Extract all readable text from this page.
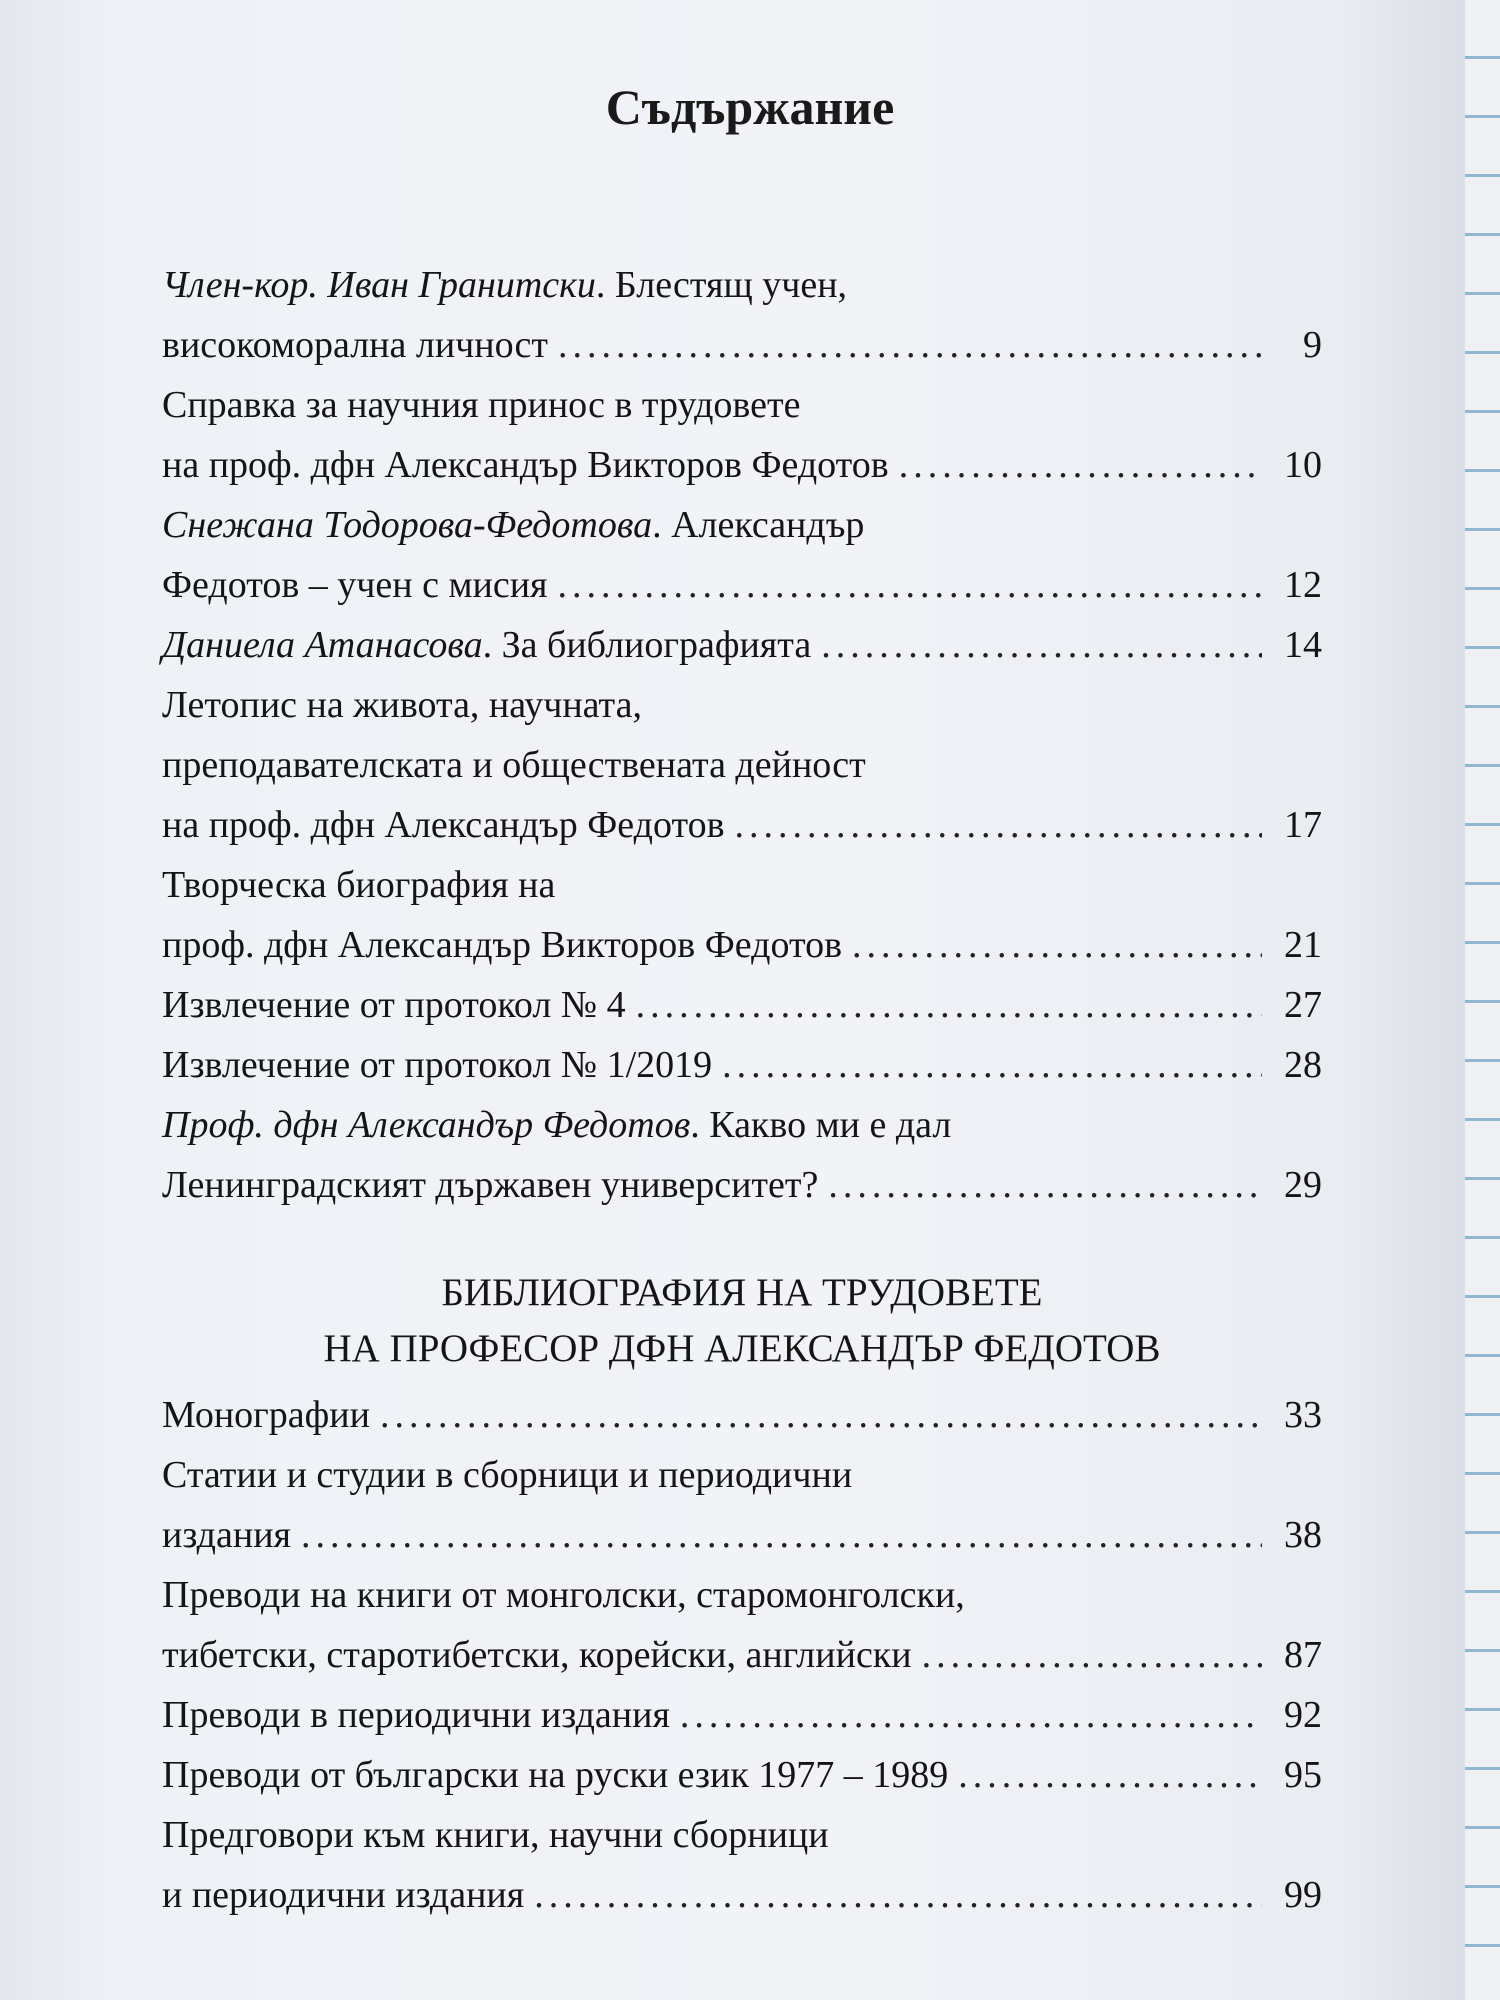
Съдържание
Член-кор. Иван Гранитски. Блестящ учен,
високоморална личност .....	9
Справка за научния принос в трудовете
на проф. дфн Александър Викторов Федотов .....	10
Снежана Тодорова-Федотова. Александър
Федотов – учен с мисия .....	12
Даниела Атанасова. За библиографията .....	14
Летопис на живота, научната,
преподавателската и обществената дейност
на проф. дфн Александър Федотов .....	17
Творческа биография на
проф. дфн Александър Викторов Федотов .....	21
Извлечение от протокол № 4 .....	27
Извлечение от протокол № 1/2019 .....	28
Проф. дфн Александър Федотов. Какво ми е дал
Ленинградският държавен университет? .....	29
БИБЛИОГРАФИЯ НА ТРУДОВЕТЕ
НА ПРОФЕСОР ДФН АЛЕКСАНДЪР ФЕДОТОВ
Монографии .....	33
Статии и студии в сборници и периодични
издания .....	38
Преводи на книги от монголски, старомонголски,
тибетски, старотибетски, корейски, английски .....	87
Преводи в периодични издания .....	92
Преводи от български на руски език 1977 – 1989 .....	95
Предговори към книги, научни сборници
и периодични издания .....	99
